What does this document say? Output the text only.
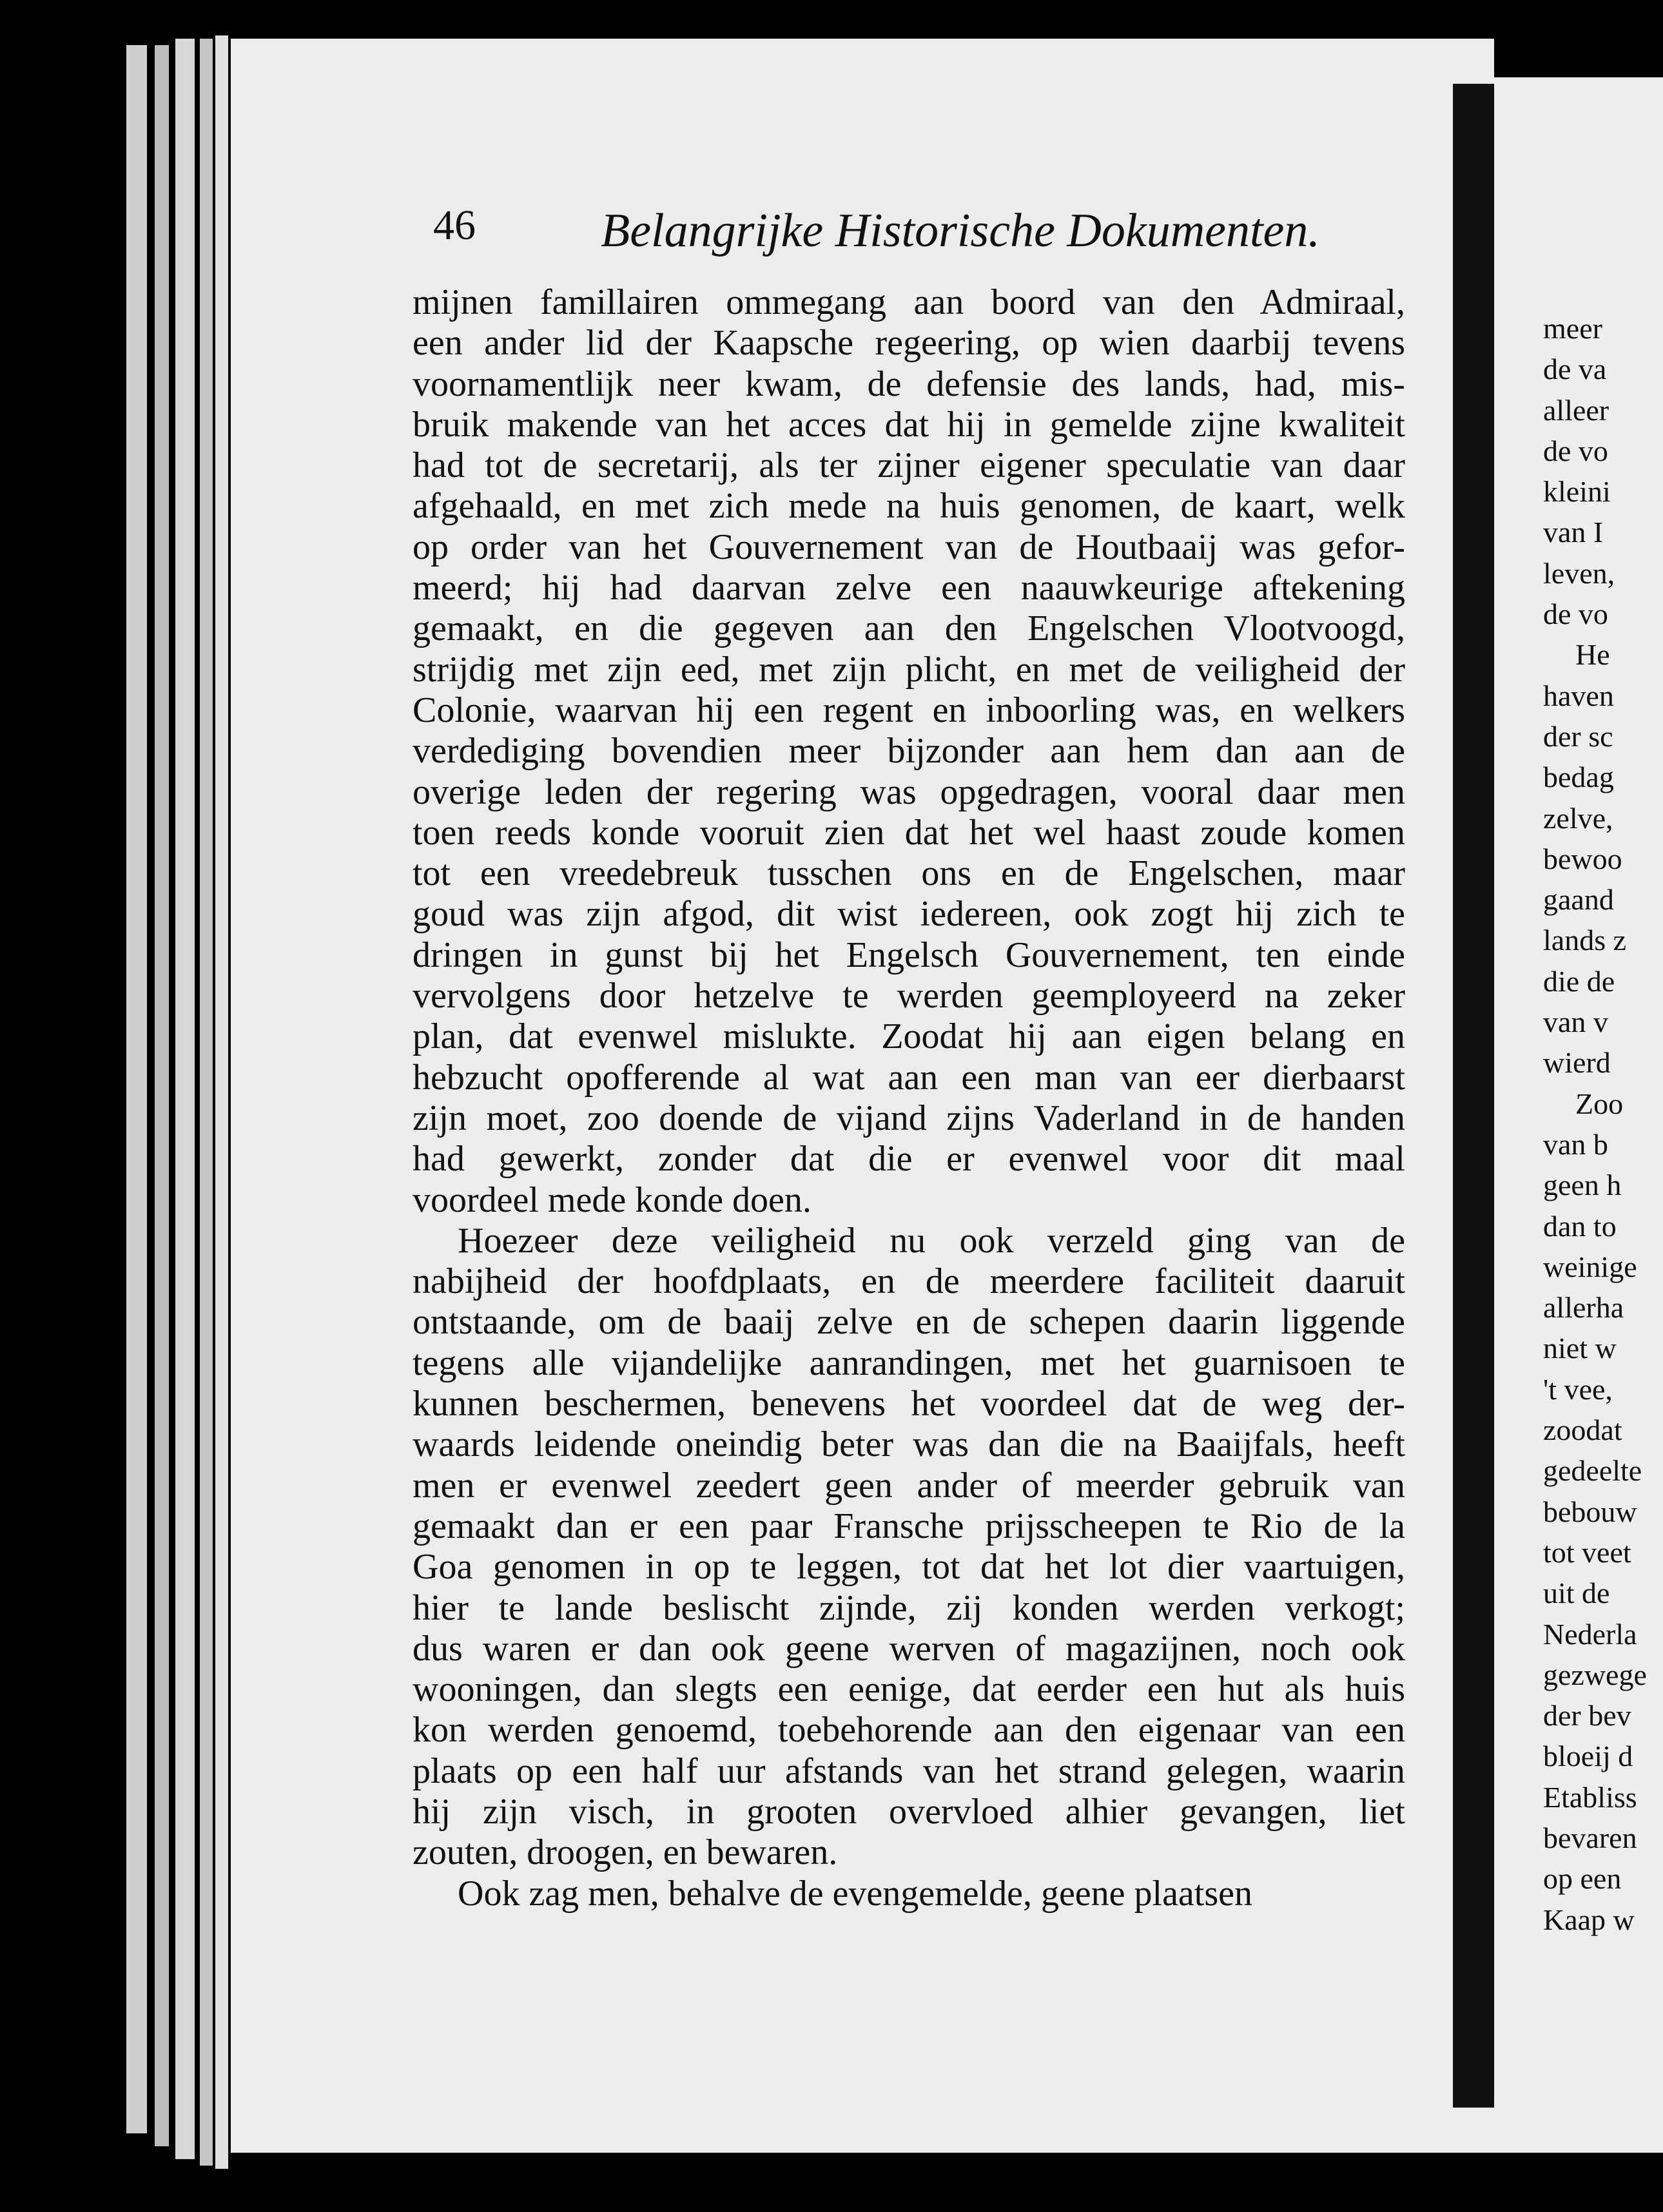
46	Belangrijke Historische Dokumenten.
mijnen famillairen ommegang aan boord van den Admiraal,
een ander lid der Kaapsche regeering, op wien daarbij tevens
voornamentlijk neer kwam, de defensie des lands, had, mis-
bruik makende van het acces dat hij in gemelde zijne kwaliteit
had tot de secretarij, als ter zijner eigener speculatie van daar
afgehaald, en met zich mede na huis genomen, de kaart, welk
op order van het Gouvernement van de Houtbaaij was gefor-
meerd; hij had daarvan zelve een naauwkeurige aftekening
gemaakt, en die gegeven aan den Engelschen Vlootvoogd,
strijdig met zijn eed, met zijn plicht, en met de veiligheid der
Colonie, waarvan hij een regent en inboorling was, en welkers
verdediging bovendien meer bijzonder aan hem dan aan de
overige leden der regering was opgedragen, vooral daar men
toen reeds konde vooruit zien dat het wel haast zoude komen
tot een vreedebreuk tusschen ons en de Engelschen, maar
goud was zijn afgod, dit wist iedereen, ook zogt hij zich te
dringen in gunst bij het Engelsch Gouvernement, ten einde
vervolgens door hetzelve te werden geemployeerd na zeker
plan, dat evenwel mislukte. Zoodat hij aan eigen belang en
hebzucht opofferende al wat aan een man van eer dierbaarst
zijn moet, zoo doende de vijand zijns Vaderland in de handen
had gewerkt, zonder dat die er evenwel voor dit maal
voordeel mede konde doen.
Hoezeer deze veiligheid nu ook verzeld ging van de
nabijheid der hoofdplaats, en de meerdere faciliteit daaruit
ontstaande, om de baaij zelve en de schepen daarin liggende
tegens alle vijandelijke aanrandingen, met het guarnisoen te
kunnen beschermen, benevens het voordeel dat de weg der-
waards leidende oneindig beter was dan die na Baaijfals, heeft
men er evenwel zeedert geen ander of meerder gebruik van
gemaakt dan er een paar Fransche prijsscheepen te Rio de la
Goa genomen in op te leggen, tot dat het lot dier vaartuigen,
hier te lande beslischt zijnde, zij konden werden verkogt;
dus waren er dan ook geene werven of magazijnen, noch ook
wooningen, dan slegts een eenige, dat eerder een hut als huis
kon werden genoemd, toebehorende aan den eigenaar van een
plaats op een half uur afstands van het strand gelegen, waarin
hij zijn visch, in grooten overvloed alhier gevangen, liet
zouten, droogen, en bewaren.
Ook zag men, behalve de evengemelde, geene plaatsen
meer
de va
alleer
de vo
kleini
van I
leven,
de vo
He
haven
der sc
bedag
zelve,
bewoo
gaand
lands z
die de
van v
wierd
Zoo
van b
geen h
dan to
weinige
allerha
niet w
't vee,
zoodat
gedeelte
bebouw
tot veet
uit de
Nederla
gezwege
der bev
bloeij d
Etabliss
bevaren
op een
Kaap w
